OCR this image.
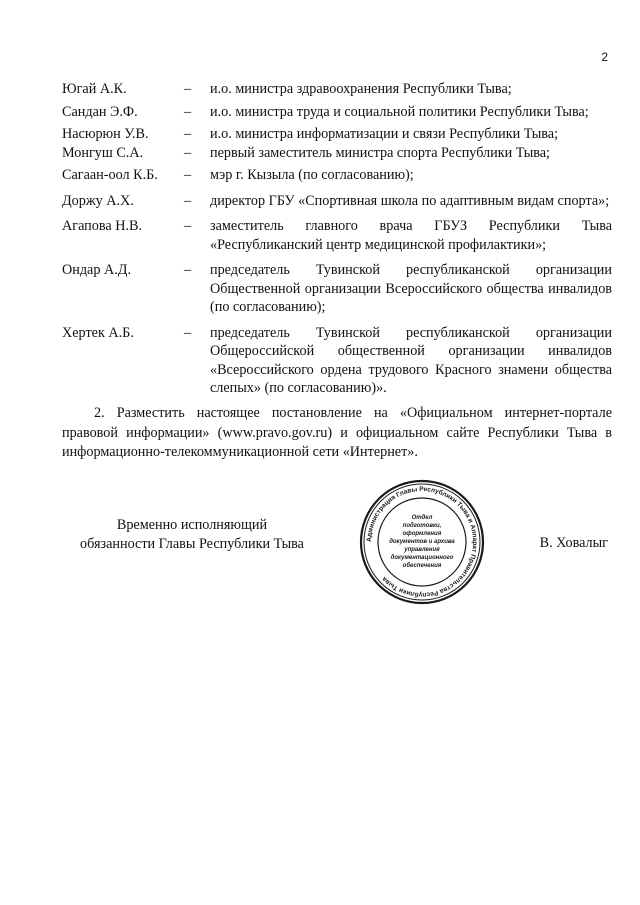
2
Югай А.К.	–	и.о. министра здравоохранения Республики Тыва;
Сандан Э.Ф.	–	и.о. министра труда и социальной политики Республики Тыва;
Насюрюн У.В.	–	и.о. министра информатизации и связи Республики Тыва;
Монгуш С.А.	–	первый заместитель министра спорта Республики Тыва;
Сагаан-оол К.Б.	–	мэр г. Кызыла (по согласованию);
Доржу А.Х.	–	директор ГБУ «Спортивная школа по адаптивным видам спорта»;
Агапова Н.В.	–	заместитель главного врача ГБУЗ Республики Тыва «Республиканский центр медицинской профилактики»;
Ондар А.Д.	–	председатель Тувинской республиканской организации Общественной организации Всероссийского общества инвалидов (по согласованию);
Хертек А.Б.	–	председатель Тувинской республиканской организации Общероссийской общественной организации инвалидов «Всероссийского ордена трудового Красного знамени общества слепых» (по согласованию)».
2. Разместить настоящее постановление на «Официальном интернет-портале правовой информации» (www.pravo.gov.ru) и официальном сайте Республики Тыва в информационно-телекоммуникационной сети «Интернет».
Временно исполняющий
обязанности Главы Республики Тыва	Администрация Главы Республики Тыва и Аппарат Правительства Республики Тыва
Отдел
подготовки,
оформления
документов и архива
управления
документационного
обеспечения
В. Ховалыг
